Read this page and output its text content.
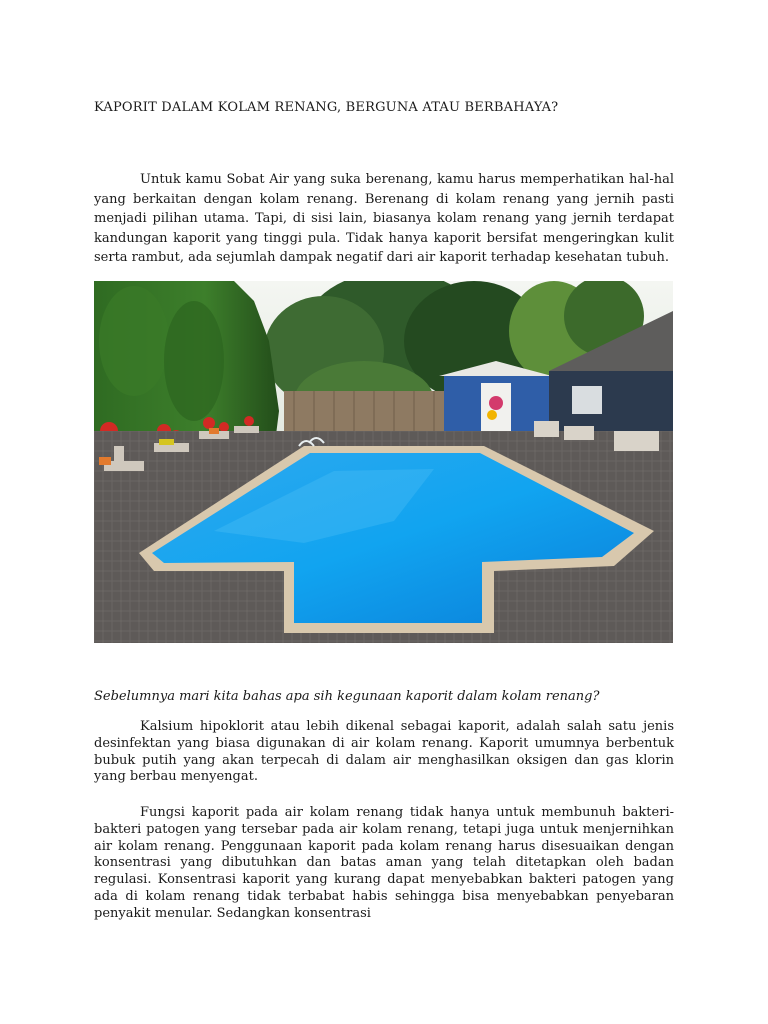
KAPORIT DALAM KOLAM RENANG, BERGUNA ATAU BERBAHAYA?

Untuk kamu Sobat Air yang suka berenang, kamu harus memperhatikan hal-hal yang berkaitan dengan kolam renang. Berenang di kolam renang yang jernih pasti menjadi pilihan utama. Tapi, di sisi lain, biasanya kolam renang yang jernih terdapat kandungan kaporit yang tinggi pula. Tidak hanya kaporit bersifat mengeringkan kulit serta rambut, ada sejumlah dampak negatif dari air kaporit terhadap kesehatan tubuh.

Sebelumnya mari kita bahas apa sih kegunaan kaporit dalam kolam renang?

Kalsium hipoklorit atau lebih dikenal sebagai kaporit, adalah salah satu jenis desinfektan yang biasa digunakan di air kolam renang. Kaporit umumnya berbentuk bubuk putih yang akan terpecah di dalam air menghasilkan oksigen dan gas klorin yang berbau menyengat.

Fungsi kaporit pada air kolam renang tidak hanya untuk membunuh bakteri-bakteri patogen yang tersebar pada air kolam renang, tetapi juga untuk menjernihkan air kolam renang. Penggunaan kaporit pada kolam renang harus disesuaikan dengan konsentrasi yang dibutuhkan dan batas aman yang telah ditetapkan oleh badan regulasi. Konsentrasi kaporit yang kurang dapat menyebabkan bakteri patogen yang ada di kolam renang tidak terbabat habis sehingga bisa menyebabkan penyebaran penyakit menular. Sedangkan konsentrasi
